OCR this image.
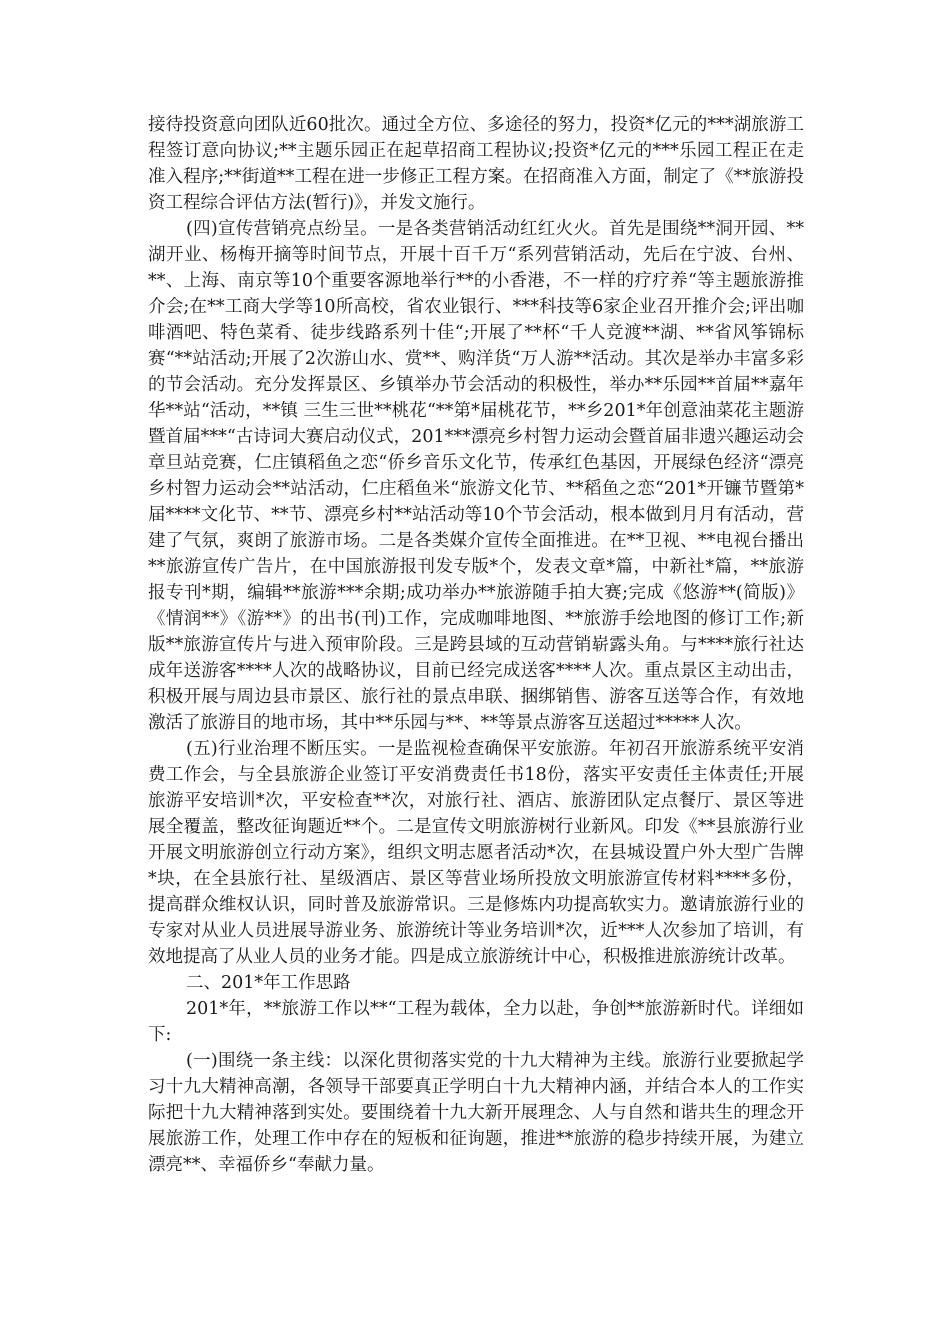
接待投资意向团队近60批次。通过全方位、多途径的努力，投资*亿元的***湖旅游工程签订意向协议;**主题乐园正在起草招商工程协议;投资*亿元的***乐园工程正在走准入程序;**街道**工程在进一步修正工程方案。在招商准入方面，制定了《**旅游投资工程综合评估方法(暂行)》，并发文施行。

(四)宣传营销亮点纷呈。一是各类营销活动红红火火。首先是围绕**洞开园、**湖开业、杨梅开摘等时间节点，开展十百千万“系列营销活动，先后在宁波、台州、**、上海、南京等10个重要客源地举行**的小香港，不一样的疗疗养“等主题旅游推介会;在**工商大学等10所高校，省农业银行、***科技等6家企业召开推介会;评出咖啡酒吧、特色菜肴、徒步线路系列十佳“;开展了**杯“千人竞渡**湖、**省风筝锦标赛“**站活动;开展了2次游山水、赏**、购洋货“万人游**活动。其次是举办丰富多彩的节会活动。充分发挥景区、乡镇举办节会活动的积极性，举办**乐园**首届**嘉年华**站“活动，**镇 三生三世**桃花“**第*届桃花节，**乡201*年创意油菜花主题游暨首届***“古诗词大赛启动仪式，201***漂亮乡村智力运动会暨首届非遗兴趣运动会章旦站竞赛，仁庄镇稻鱼之恋“侨乡音乐文化节，传承红色基因，开展绿色经济“漂亮乡村智力运动会**站活动，仁庄稻鱼米“旅游文化节、**稻鱼之恋“201*开镰节暨第*届****文化节、**节、漂亮乡村**站活动等10个节会活动，根本做到月月有活动，营建了气氛，爽朗了旅游市场。二是各类媒介宣传全面推进。在**卫视、**电视台播出**旅游宣传广告片，在中国旅游报刊发专版*个，发表文章*篇，中新社*篇，**旅游报专刊*期，编辑**旅游***余期;成功举办**旅游随手拍大赛;完成《悠游**(简版)》《情润**》《游**》的出书(刊)工作，完成咖啡地图、**旅游手绘地图的修订工作;新版**旅游宣传片与进入预审阶段。三是跨县域的互动营销崭露头角。与****旅行社达成年送游客****人次的战略协议，目前已经完成送客****人次。重点景区主动出击，积极开展与周边县市景区、旅行社的景点串联、捆绑销售、游客互送等合作，有效地激活了旅游目的地市场，其中**乐园与**、**等景点游客互送超过*****人次。

(五)行业治理不断压实。一是监视检查确保平安旅游。年初召开旅游系统平安消费工作会，与全县旅游企业签订平安消费责任书18份，落实平安责任主体责任;开展旅游平安培训*次，平安检查**次，对旅行社、酒店、旅游团队定点餐厅、景区等进展全覆盖，整改征询题近**个。二是宣传文明旅游树行业新风。印发《**县旅游行业开展文明旅游创立行动方案》，组织文明志愿者活动*次，在县城设置户外大型广告牌*块，在全县旅行社、星级酒店、景区等营业场所投放文明旅游宣传材料****多份，提高群众维权认识，同时普及旅游常识。三是修炼内功提高软实力。邀请旅游行业的专家对从业人员进展导游业务、旅游统计等业务培训*次，近***人次参加了培训，有效地提高了从业人员的业务才能。四是成立旅游统计中心，积极推进旅游统计改革。

二、201*年工作思路

201*年，**旅游工作以**“工程为载体，全力以赴，争创**旅游新时代。详细如下:

(一)围绕一条主线：以深化贯彻落实党的十九大精神为主线。旅游行业要掀起学习十九大精神高潮，各领导干部要真正学明白十九大精神内涵，并结合本人的工作实际把十九大精神落到实处。要围绕着十九大新开展理念、人与自然和谐共生的理念开展旅游工作，处理工作中存在的短板和征询题，推进**旅游的稳步持续开展，为建立漂亮**、幸福侨乡“奉献力量。
